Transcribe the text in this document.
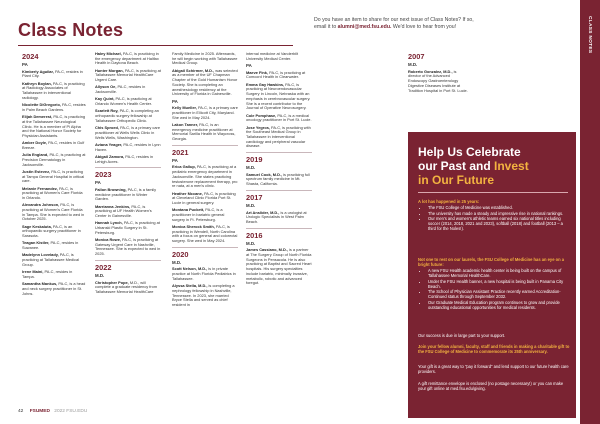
Class Notes	Do you have an item to share for our next issue of Class Notes? If so, email it to alumni@med.fsu.edu. We'd love to hear from you!
2024
PA
Kimberly Aguilar, PA-C, resides in Plant City.
Kathryn Boylan, PA-C, is practicing at Radiology Associates of Tallahassee in interventional radiology.
Nicolette DiGregorio, PA-C, resides in Palm Beach Gardens.
Elijah Demerest, PA-C, is practicing at the Tallahassee Neurological Clinic. He is a member of Pi Alpha and the National Honor Society for Physician Assistants.
Amber Doyle, PA-C, resides in Gulf Breeze.
Julia England, PA-C, is practicing at Precision Dermatology in Jacksonville.
Justin Estevez, PA-C, is practicing at Tampa General Hospital in critical care.
Melanie Fernandez, PA-C, is practicing at Women's Care Florida in Orlando.
Alexandra Johnson, PA-C, is practicing at Women's Care Florida in Tampa. She is expected to wed in October 2025.
Sage Keskaluta, PA-C, is an orthopaedic surgery practitioner in Sarasota.
Teagan Kistler, PA-C, resides in Suwanee.
Madelynn Lovelady, PA-C, is practicing at Tallahassee Medical Group.
Irene Maini, PA-C, resides in Tampa.
Samantha Mankus, PA-C, is a head and neck surgery practitioner in St. Johns.
Haley Michael, PA-C, is practicing in the emergency department at Halifax Health in Daytona Beach.
Hunter Morgan, PA-C, is practicing at Tallahassee Memorial HealthCare Urgent Care.
Allyson Oe, PA-C, resides in Jacksonville.
Kay Quint, PA-C, is practicing at Orlando Women's Health Center.
Scarlett Roy, PA-C, is completing an orthopaedic surgery fellowship at Tallahassee Orthopedic Clinic.
Chis Sproed, PA-C, is a primary care practitioner at Wells Wells Clinic in Wells Wells, Washington.
Aviana Yeager, PA-C, resides in Lynn Haven.
Abigail Zamora, PA-C, resides in Lehigh Acres.
2023
PA
Fallon Browning, PA-C, is a family medicine practitioner in Winter Garden.
Marrianna Jenkins, PA-C, is practicing at UF Health Women's Center in Gainesville.
Hannah Lynch, PA-C, is practicing at Urbanski Plastic Surgery in St. Petersburg.
Monica Rowe, PA-C, is practicing at Gateway Urgent Care in Nashville, Tennessee. She is expected to wed in 2025.
2022
M.D.
Christopher Pope, M.D., will complete a graduate residency from Tallahassee Memorial HealthCare
Family Medicine in 2025. Afterwards, he will begin working with Tallahassee Medical Group.
Abigail Schirmer, M.D., was selected as a member of the UF Chapman Chapter of the Gold Humanism Honor Society. She is completing an anesthesiology residency at the University of Florida in Gainesville.
PA
Kelly Mueller, PA-C, is a primary care practitioner in Ellicott City, Maryland. She wed in May 2024.
Lakon Tanner, PA-C, is an emergency medicine practitioner at Memorial Sarilla Health in Waycross, Georgia.
2021
PA
Erica Gallup, PA-C, is practicing at a pediatric emergency department in Jacksonville. She states practicing testosterone replacement therapy, pro re nata, at a men's clinic.
Heather Mccane, PA-C, is practicing at Cleveland Clinic Florida Port St. Lucie in general surgery.
Montana Puckett, PA-C, is a practitioner in bariatric general surgery in Ft. Petersburg.
Monica Sherock Smith, PA-C, is practicing in Wendell, North Carolina with a focus on general and colorectal surgery. She wed in May 2024.
2020
M.D.
Scott Nelson, M.D., is in private practice at North Florida Pediatrics in Tallahassee.
Alyssa Stella, M.D., is completing a nephrology fellowship in Nashville, Tennessee. In 2023, she married Bryce Stella and served as chief resident in
internal medicine at Vanderbilt University Medical Center.
PA
Maeve Fink, PA-C, is practicing at Comcord Health in Clearwater.
Emma Gay Hawkins, PA-C, is practicing at Neuroendovascular Surgery in Lincoln, Nebraska with an emphasis in cerebrovascular surgery. She is a recent contributor to the Journal of Operative Neurosurgery.
Cole Pomphase, PA-C, is a medical oncology practitioner in Port St. Lucie.
Jose Yegros, PA-C, is practicing with the Southeast Medical Group in Tallahassee in interventional cardiology and peripheral vascular disease.
2019
M.D.
Samuel Cook, M.D., is practicing full spectrum family medicine in Mt. Shasta, California.
2017
M.D.
Art Anslider, M.D., is a urologist at Urologic Specialists in West Palm Beach.
2016
M.D.
James Cassiano, M.D., is a partner at The Surgery Group of North Florida Surgeons in Pensacola. He is also practicing at Baptist and Sacred Heart hospitals. His surgery specialties include bariatric, minimally invasive, metabolic, robotic and advanced foregut.
2007
M.D.
Roberto Gonzalez, M.D., is director of the Advanced Endoscopy Gastroenterology Digestive Diseases Institute at Tradition Hospital in Port St. Lucie.
CLASS NOTES
Help Us Celebrate
our Past and Invest
in Our Future
A lot has happened in 25 years:
• The FSU College of Medicine was established.
• The university has made a steady and impressive rise in national rankings.
• Our men's and women's athletic teams earned six national titles including soccer (2014, 2018, 2021 and 2023), softball (2018) and football (2013 – a third for the Noles!).
Not one to rest on our laurels, the FSU College of Medicine has an eye on a bright future:
• A new FSU Health academic health center is being built on the campus of Tallahassee Memorial HealthCare.
• Under the FSU Health banner, a new hospital is being built in Panama City Beach.
• The School of Physician Assistant Practice recently earned Accreditation-Continued status through September 2032.
• Our Graduate Medical Education program continues to grow and provide outstanding educational opportunities for medical residents.
Our success is due in large part to your support.
Join your fellow alumni, faculty, staff and friends in making a charitable gift to the FSU College of Medicine to commemorate its 25th anniversary.
Your gift is a great way to "pay it forward" and lend support to our future health care providers.
A gift remittance envelope is enclosed (no postage necessary!) or you can make your gift online at med.fsu.edu/giving.
42 FSUMED 2022 FSU.EDU
